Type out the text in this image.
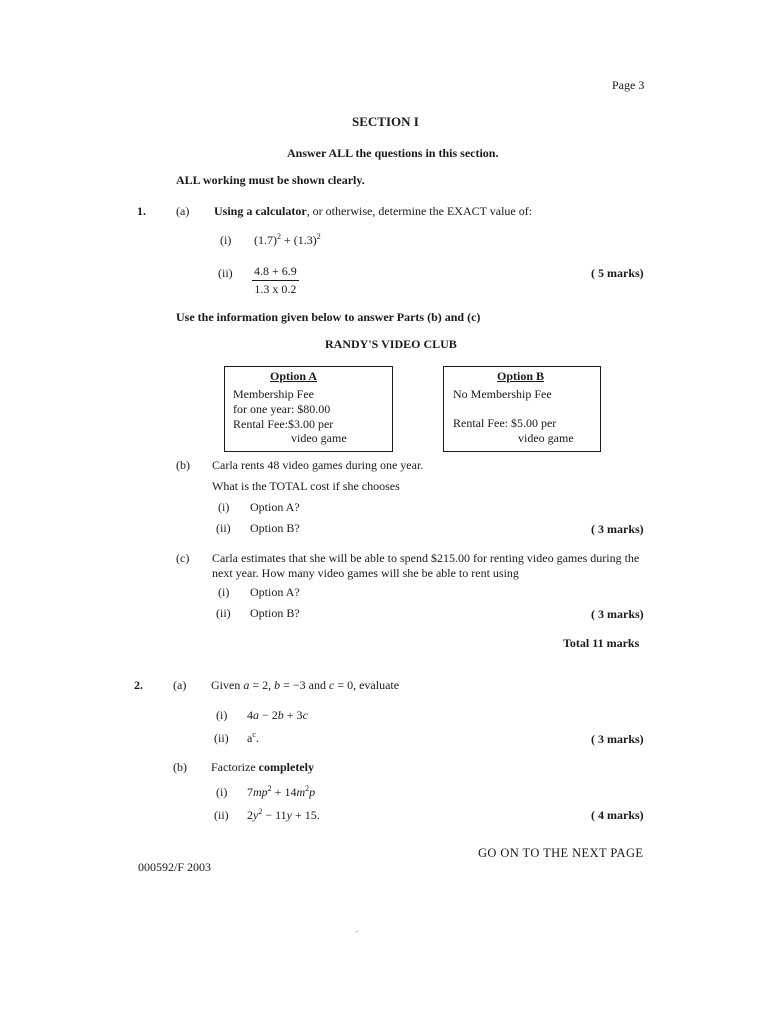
Page 3
SECTION I
Answer ALL the questions in this section.
ALL working must be shown clearly.
1.	(a) Using a calculator, or otherwise, determine the EXACT value of:
(i) $(1.7)^2 + (1.3)^2$
$(ii) \frac{4.8 + 6.9}{1.3 x 0.2}$	( 5 marks)
Use the information given below to answer Parts (b) and (c)
RANDY'S VIDEO CLUB
Option A
Membership Fee
for one year: $80.00
Rental Fee:$3.00 per
video game
Option B
No Membership Fee
Rental Fee: $5.00 per
video game
(b) Carla rents 48 video games during one year.
What is the TOTAL cost if she chooses
(i) Option A?
(ii) Option B?	( 3 marks)
(c) Carla estimates that she will be able to spend $215.00 for renting video games during the
next year. How many video games will she be able to rent using
(i) Option A?
(ii) Option B?	( 3 marks)
Total 11 marks
2.	(a) Given a = 2, b = −3 and c = 0, evaluate
(i) 4a − 2b + 3c
(ii) $a^c$.	( 3 marks)
(b) Factorize completely
(i) $7mp^2 + 14m^2p$
(ii) $2y^2 - 11y + 15$.	( 4 marks)
GO ON TO THE NEXT PAGE
000592/F 2003
